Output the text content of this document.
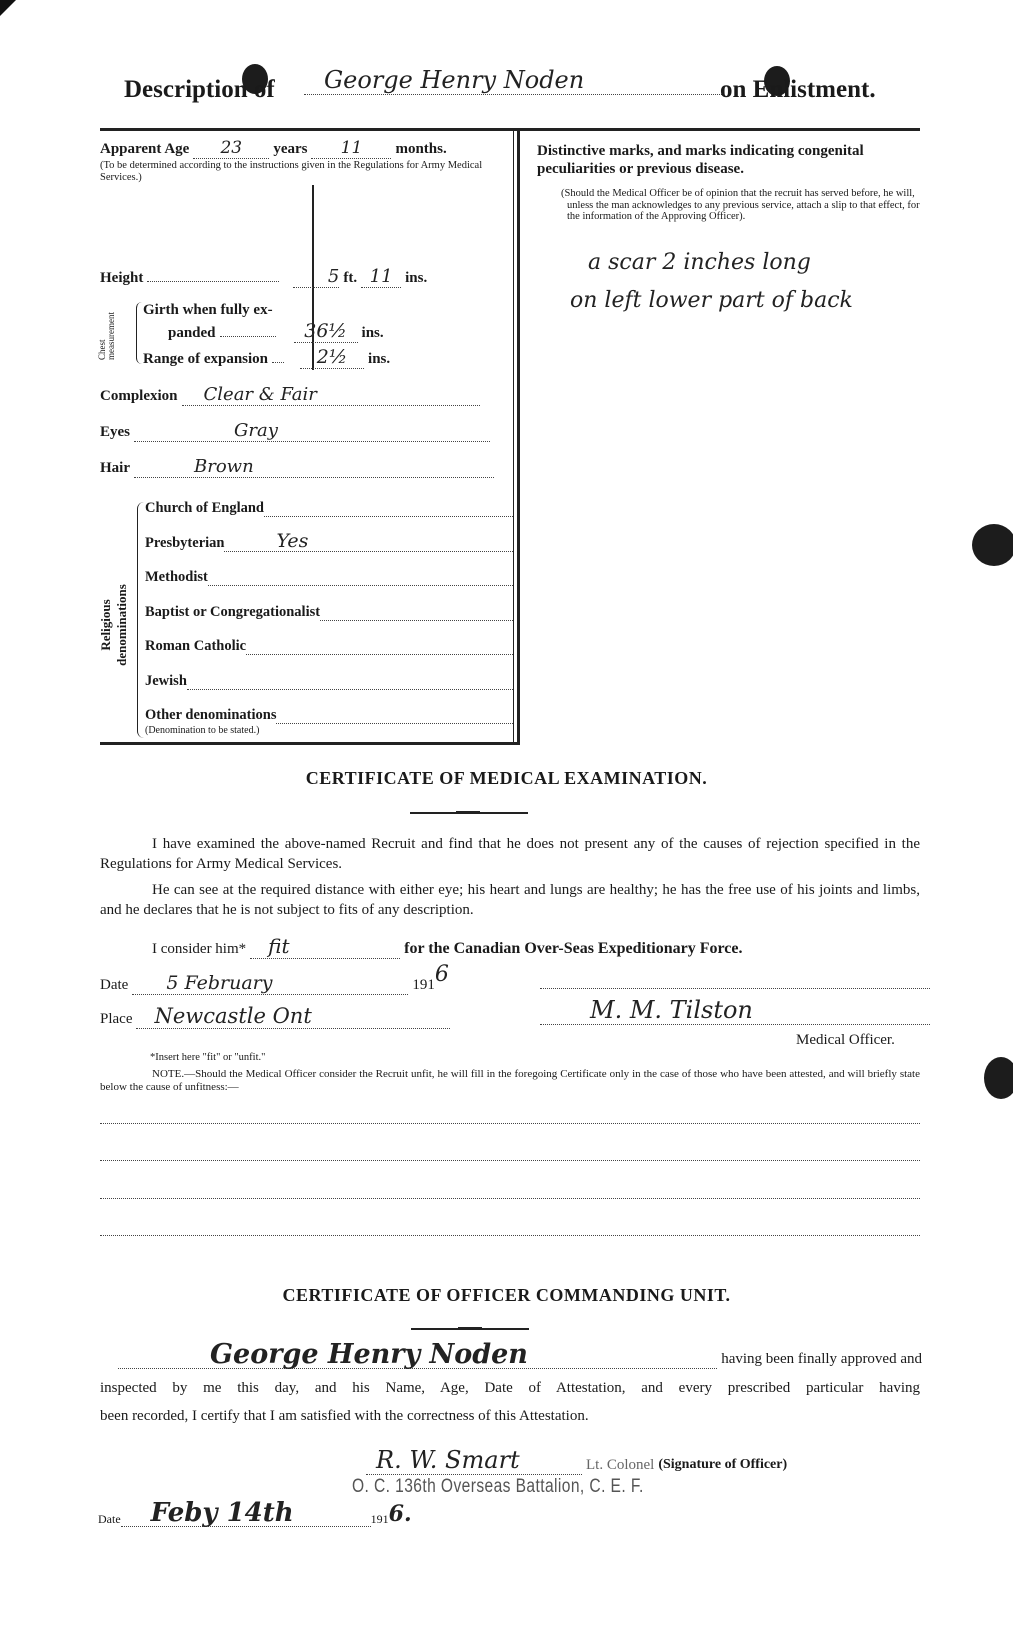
Description of	George Henry Noden	on Enlistment.
Apparent Age 23 years 11 months.
(To be determined according to the instructions given in the Regulations for Army Medical Services.)
Height	5 ft. 11 ins.
Chest measurement
Girth when fully ex-
panded	36½ ins.
Range of expansion	2½ ins.
Complexion Clear & Fair
Eyes	Gray
Hair	Brown
Religious denominations
Church of England
Presbyterian	Yes
Methodist
Baptist or Congregationalist
Roman Catholic
Jewish
Other denominations
(Denomination to be stated.)
Distinctive marks, and marks indicating congenital peculiarities or previous disease.
(Should the Medical Officer be of opinion that the recruit has served before, he will, unless the man acknowledges to any previous service, attach a slip to that effect, for the information of the Approving Officer).
a scar 2 inches long
on left lower part of back
CERTIFICATE OF MEDICAL EXAMINATION.
I have examined the above-named Recruit and find that he does not present any of the causes of rejection specified in the Regulations for Army Medical Services.
He can see at the required distance with either eye; his heart and lungs are healthy; he has the free use of his joints and limbs, and he declares that he is not subject to fits of any description.
I consider him* fit	for the Canadian Over-Seas Expeditionary Force.
Date 5 February	1916
Place Newcastle Ont	M. M. Tilston
Medical Officer.
*Insert here "fit" or "unfit."
NOTE.—Should the Medical Officer consider the Recruit unfit, he will fill in the foregoing Certificate only in the case of those who have been attested, and will briefly state below the cause of unfitness:—
CERTIFICATE OF OFFICER COMMANDING UNIT.
George Henry Noden	having been finally approved and
inspected by me this day, and his Name, Age, Date of Attestation, and every prescribed particular having
been recorded, I certify that I am satisfied with the correctness of this Attestation.
R. W. Smart	Lt. Colonel (Signature of Officer)
O. C. 136th Overseas Battalion, C. E. F.
Date	Feby 14th	191 6.
